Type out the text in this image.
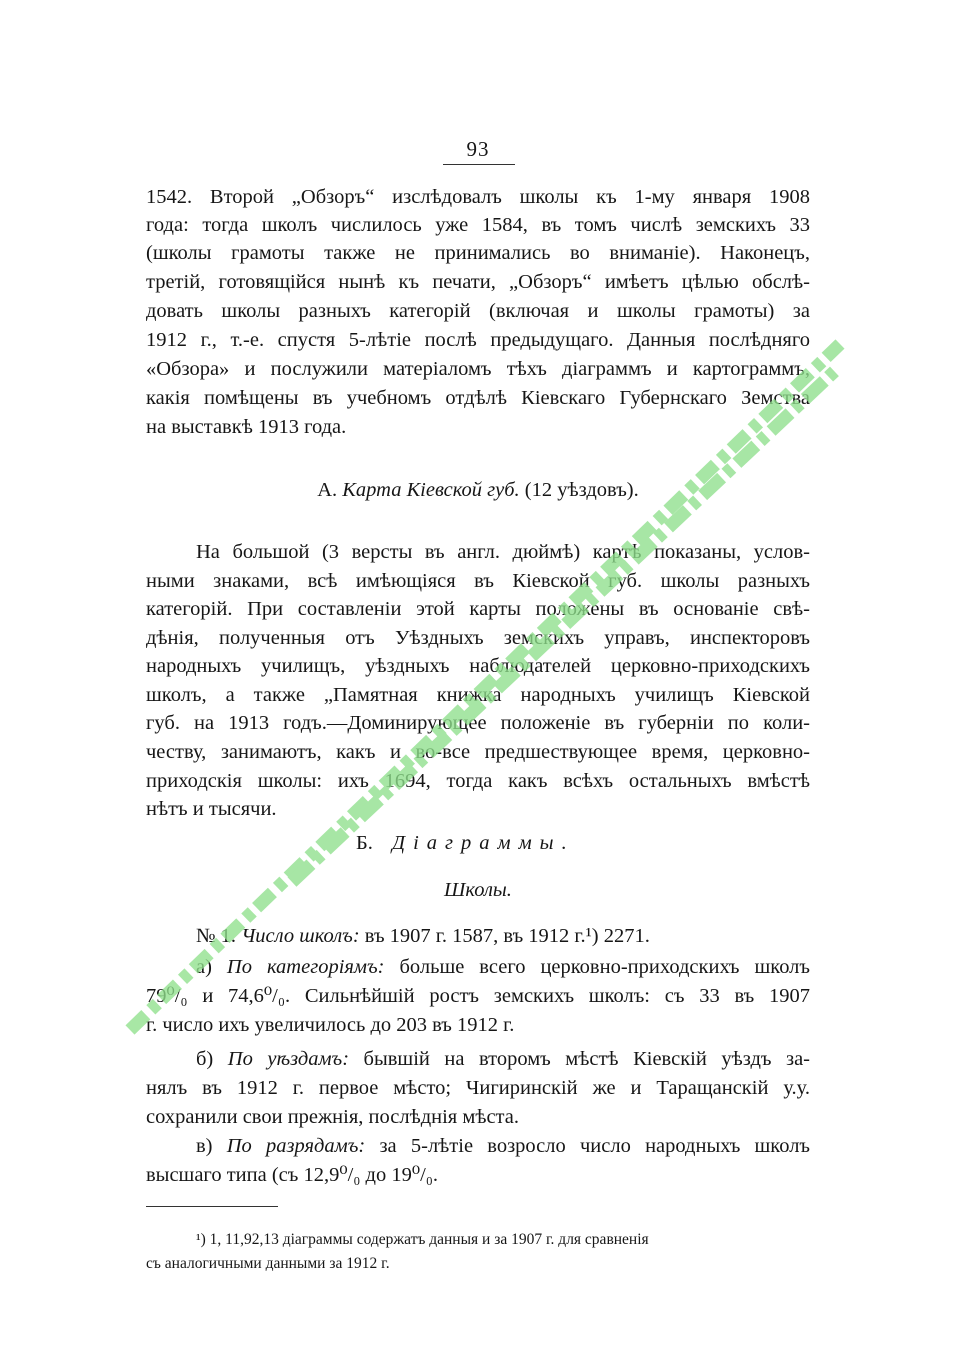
93
1542. Второй „Обзоръ“ изслѣдовалъ школы къ 1-му января 1908
года: тогда школъ числилось уже 1584, въ томъ числѣ земскихъ 33
(школы грамоты также не принимались во вниманіе). Наконецъ,
третій, готовящійся нынѣ къ печати, „Обзоръ“ имѣетъ цѣлью обслѣ-
довать школы разныхъ категорій (включая и школы грамоты) за
1912 г., т.-е. спустя 5-лѣтіе послѣ предыдущаго. Данныя послѣдняго
«Обзора» и послужили матеріаломъ тѣхъ діаграммъ и картограммъ,
какія помѣщены въ учебномъ отдѣлѣ Кіевскаго Губернскаго Земства
на выставкѣ 1913 года.
А. Карта Кіевской губ. (12 уѣздовъ).
На большой (3 версты въ англ. дюймѣ) картѣ показаны, услов-
ными знаками, всѣ имѣющіяся въ Кіевской губ. школы разныхъ
категорій. При составленіи этой карты положены въ основаніе свѣ-
дѣнія, полученныя отъ Уѣздныхъ земскихъ управъ, инспекторовъ
народныхъ училищъ, уѣздныхъ наблюдателей церковно-приходскихъ
школъ, а также „Памятная книжка народныхъ училищъ Кіевской
губ. на 1913 годъ.—Доминирующее положеніе въ губерніи по коли-
честву, занимаютъ, какъ и во-все предшествующее время, церковно-
приходскія школы: ихъ 1694, тогда какъ всѣхъ остальныхъ вмѣстѣ
нѣтъ и тысячи.
Б. Діаграммы.
Школы.
№ 1. Число школъ: въ 1907 г. 1587, въ 1912 г.¹) 2271.
а) По категоріямъ: больше всего церковно-приходскихъ школъ
79⁰/₀ и 74,6⁰/₀. Сильнѣйшій ростъ земскихъ школъ: съ 33 въ 1907
г. число ихъ увеличилось до 203 въ 1912 г.
б) По уѣздамъ: бывшій на второмъ мѣстѣ Кіевскій уѣздъ за-
нялъ въ 1912 г. первое мѣсто; Чигиринскій же и Таращанскій у.у.
сохранили свои прежнія, послѣднія мѣста.
в) По разрядамъ: за 5-лѣтіе возросло число народныхъ школъ
высшаго типа (съ 12,9⁰/₀ до 19⁰/₀.
¹) 1, 11,92,13 діаграммы содержатъ данныя и за 1907 г. для сравненія
съ аналогичными данными за 1912 г.
